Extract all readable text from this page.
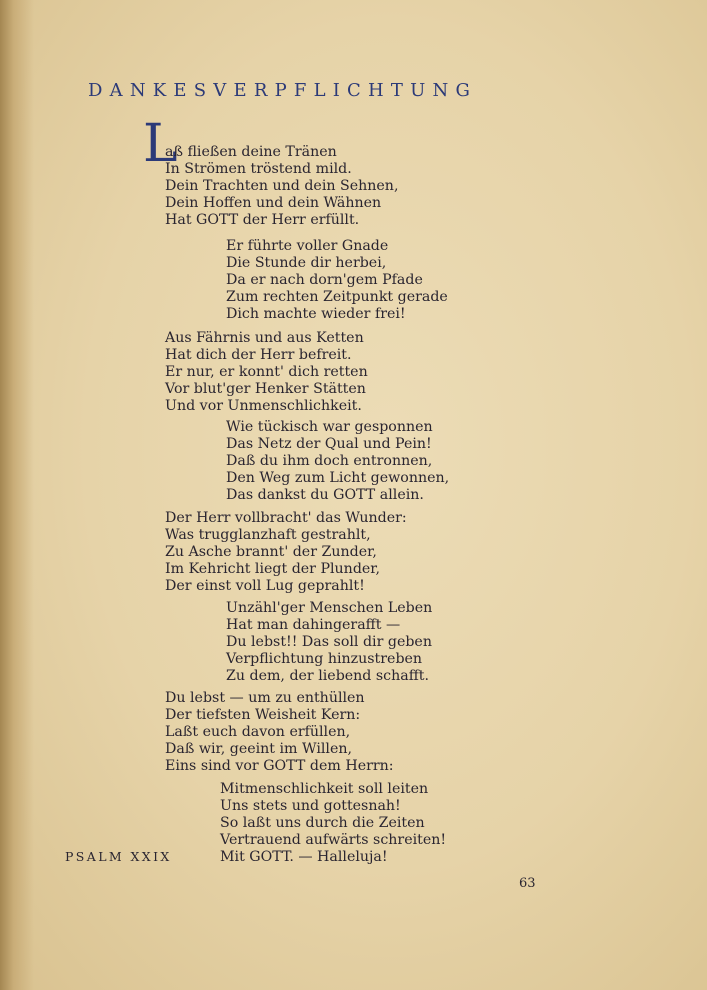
DANKESVERPFLICHTUNG
L
aß fließen deine Tränen
In Strömen tröstend mild.
Dein Trachten und dein Sehnen,
Dein Hoffen und dein Wähnen
Hat GOTT der Herr erfüllt.
Er führte voller Gnade
Die Stunde dir herbei,
Da er nach dorn'gem Pfade
Zum rechten Zeitpunkt gerade
Dich machte wieder frei!
Aus Fährnis und aus Ketten
Hat dich der Herr befreit.
Er nur, er konnt' dich retten
Vor blut'ger Henker Stätten
Und vor Unmenschlichkeit.
Wie tückisch war gesponnen
Das Netz der Qual und Pein!
Daß du ihm doch entronnen,
Den Weg zum Licht gewonnen,
Das dankst du GOTT allein.
Der Herr vollbracht' das Wunder:
Was trugglanzhaft gestrahlt,
Zu Asche brannt' der Zunder,
Im Kehricht liegt der Plunder,
Der einst voll Lug geprahlt!
Unzähl'ger Menschen Leben
Hat man dahingerafft —
Du lebst!! Das soll dir geben
Verpflichtung hinzustreben
Zu dem, der liebend schafft.
Du lebst — um zu enthüllen
Der tiefsten Weisheit Kern:
Laßt euch davon erfüllen,
Daß wir, geeint im Willen,
Eins sind vor GOTT dem Herrn:
Mitmenschlichkeit soll leiten
Uns stets und gottesnah!
So laßt uns durch die Zeiten
Vertrauend aufwärts schreiten!
Mit GOTT. — Halleluja!
PSALM XXIX
63
